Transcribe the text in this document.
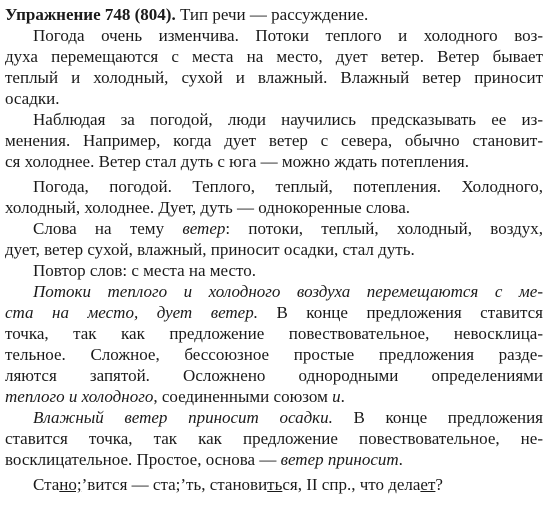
Упражнение 748 (804). Тип речи — рассуждение.
Погода очень изменчива. Потоки теплого и холодного воз-
духа перемещаются с места на место, дует ветер. Ветер бывает
теплый и холодный, сухой и влажный. Влажный ветер приносит
осадки.
Наблюдая за погодой, люди научились предсказывать ее из-
менения. Например, когда дует ветер с севера, обычно становит-
ся холоднее. Ветер стал дуть с юга — можно ждать потепления.
Погода, погодой. Теплого, теплый, потепления. Холодного,
холодный, холоднее. Дует, дуть — однокоренные слова.
Слова на тему ветер: потоки, теплый, холодный, воздух,
дует, ветер сухой, влажный, приносит осадки, стал дуть.
Повтор слов: с места на место.
Потоки теплого и холодного воздуха перемещаются с ме-
ста на место, дует ветер. В конце предложения ставится
точка, так как предложение повествовательное, невосклица-
тельное. Сложное, бессоюзное простые предложения разде-
ляются запятой. Осложнено однородными определениями
теплого и холодного, соединенными союзом и.
Влажный ветер приносит осадки. В конце предложения
ставится точка, так как предложение повествовательное, не-
восклицательное. Простое, основа — ветер приносит.
Стано;’вится — ста;’ть, становиться, II спр., что делает?
